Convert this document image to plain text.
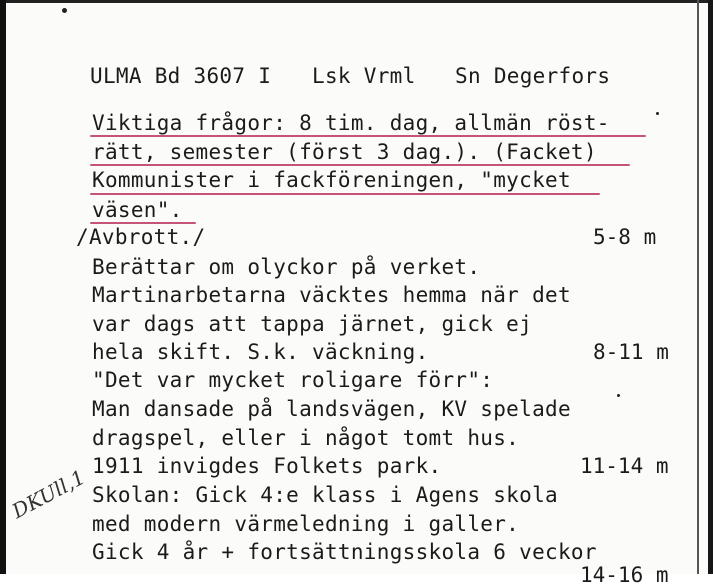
ULMA Bd 3607 I Lsk Vrml Sn Degerfors
Viktiga frågor: 8 tim. dag, allmän röst-
rätt, semester (först 3 dag.). (Facket)
Kommunister i fackföreningen, "mycket
väsen".
/Avbrott./
Berättar om olyckor på verket.
Martinarbetarna väcktes hemma när det
var dags att tappa järnet, gick ej
hela skift. S.k. väckning.
"Det var mycket roligare förr":
Man dansade på landsvägen, KV spelade
dragspel, eller i något tomt hus.
1911 invigdes Folkets park.
Skolan: Gick 4:e klass i Agens skola
med modern värmeledning i galler.
Gick 4 år + fortsättningsskola 6 veckor
5-8 m
8-11 m
11-14 m
14-16 m
DKUll,1
